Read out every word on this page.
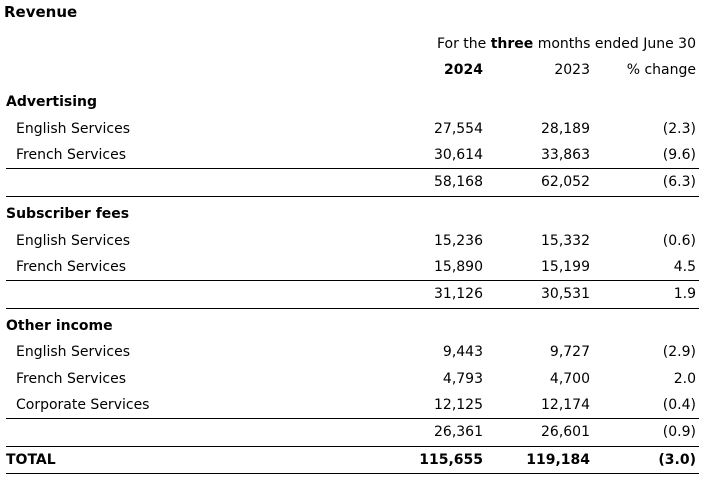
Revenue
For the three months ended June 30
2024	2023	% change
Advertising
English Services	27,554	28,189	(2.3)
French Services	30,614	33,863	(9.6)
58,168	62,052	(6.3)
Subscriber fees
English Services	15,236	15,332	(0.6)
French Services	15,890	15,199	4.5
31,126	30,531	1.9
Other income
English Services	9,443	9,727	(2.9)
French Services	4,793	4,700	2.0
Corporate Services	12,125	12,174	(0.4)
26,361	26,601	(0.9)
TOTAL	115,655	119,184	(3.0)
